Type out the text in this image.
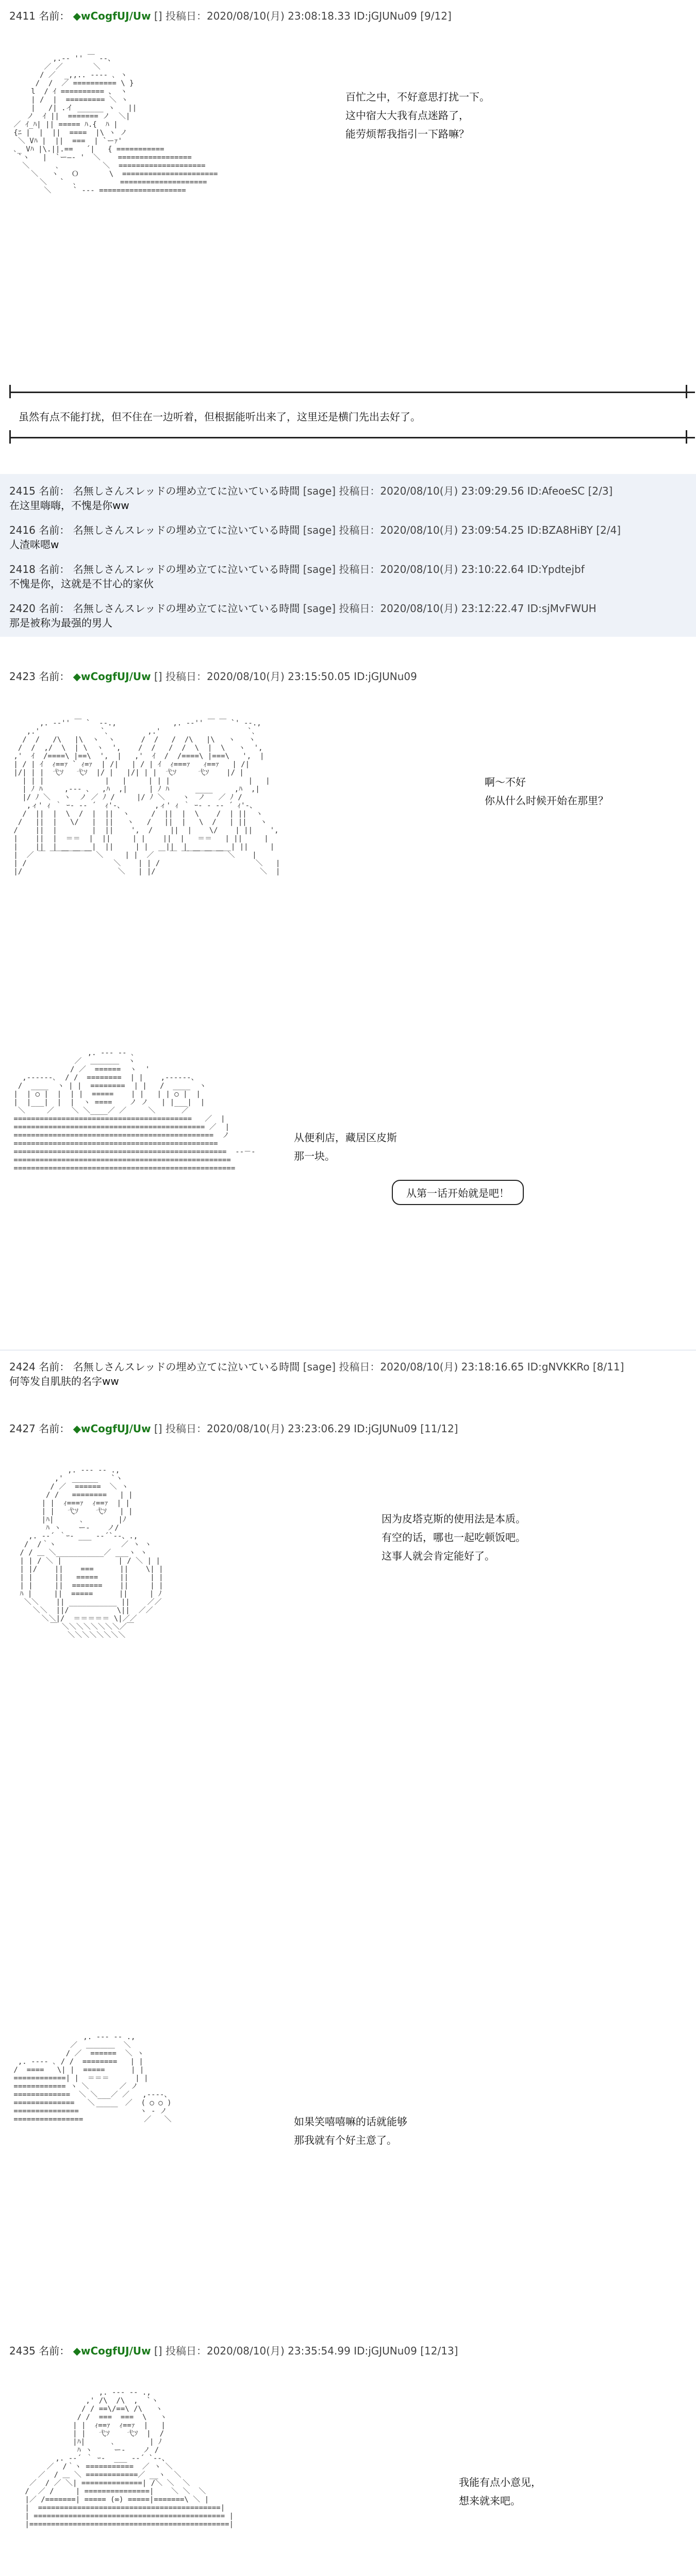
2411 名前： ◆wCogfUJ/Uw [] 投稿日：2020/08/10(月) 23:08:18.33 ID:jGJUNu09 [9/12]

,.-‐ '' ￣ ‐-、
／ ／       ＼
/ ／  _,,.. -‐‐- ､ ヽ
/  /  ／ ========== \ }
l  / ｲ ========== 、 ヽ
| /  |  ========= ＼ ヽ
|   /| .イ ______ ヽ   ||
ノ  ｲ ||  ======= ノ  ＼|
／ ｲ_ﾊ| || ===== ﾊ.{  ﾊ |
{ﾆ |  |  ||  ====  |\ ヽ ノ
＼ Vﾊ |  ||  ===  | `ーｧ'
､_ Vﾊ |\.||.==   ´|   { ===========
`ヽ   |  `ー―‐ '  ＼    =================
＼      ､          ＼  ====================
＼   ヽ   Ｏ       \  ======================
＼   `  ､          ====================
＼     ` ‐-- ====================

百忙之中，不好意思打扰一下。
这中宿大大我有点迷路了，
能劳烦帮我指引一下路嘛？
虽然有点不能打扰，但不住在一边听着，但根据能听出来了，这里还是横门先出去好了。
2415 名前： 名無しさんスレッドの埋め立てに泣いている時間 [sage] 投稿日：2020/08/10(月) 23:09:29.56 ID:AfeoeSC [2/3]
在这里嗨嗨，不愧是你ww
2416 名前： 名無しさんスレッドの埋め立てに泣いている時間 [sage] 投稿日：2020/08/10(月) 23:09:54.25 ID:BZA8HiBY [2/4]
人渣咪嗯w
2418 名前： 名無しさんスレッドの埋め立てに泣いている時間 [sage] 投稿日：2020/08/10(月) 23:10:22.64 ID:Ypdtejbf
不愧是你，这就是不甘心的家伙
2420 名前： 名無しさんスレッドの埋め立てに泣いている時間 [sage] 投稿日：2020/08/10(月) 23:12:22.47 ID:sjMvFWUH
那是被称为最强的男人
2423 名前： ◆wCogfUJ/Uw [] 投稿日：2020/08/10(月) 23:15:50.05 ID:jGJUNu09

,. -‐'' ￣ `  ‐-.,             ,. -‐'' ￣ ￣ `' ‐-.,
,.'              `､         ,.'                    `､
/  /   /\   |\  ヽ  ヽ      /  /   /  /\   |\   ヽ   ヽ
/  /  ,/  \  | \  ヽ  ',    /  /   /  /  \  |  \   ヽ  ',
,'  ｲ  /====\ |==\  ',  |   ,'  ｲ  /  /====\ |===\   ',  |
| / | ｲ  ｨ==ｧ ` ｨ=ｧ  | /|   | / | ｲ  ｨ===ｧ   ｨ==ｧ   | /|
|/| | |  弋ｿ   弋ｿ  |/ |   |/| | |  弋ｿ     弋ｿ    |/ |
| | |              |   |     | | |                  |   |
| ﾉ ﾊ     ,-‐- 、  ,ﾊ  ,|     | ﾉ ﾊ      ____     ,ﾊ  ,|
|/ ﾉ ＼   ヽ  ノ ／ ﾉ /     |/ ﾉ ＼    ヽ  ノ   ／ ﾉ /
,ィ' ｨ ｀ ｰ- -‐ ´  ｨ'‐、       ,ィ' ｨ ｀ ｰ- - -‐ ´ ｨ'‐、
/  ||  |  \  /  |  ||  ヽ     /  ||  |  \    /  | ||  ヽ
/   ||  |   \/   |  ||   ヽ   /   ||  |   \  /   | ||   ヽ
/    ||  |        |  ||    ',  /    ||  |    \/    | ||    ',
|    ||  |  ＝＝  |  ||     | |    ||  |   ＝＝   | ||     |
|    ||  |________|  ||     | |    ||  |__________| ||     |
|  ／ ￣ ￣ ￣ ￣ ￣ ＼     | |  ／ ￣ ￣ ￣ ￣ ￣ ￣ ＼    |
| /                    ＼    | | /                      ＼   |
|/                      ＼   | |/                        ＼  |

啊～不好
你从什么时候开始在那里？

,. -‐‐ ‐- ､
／  ＿＿＿＿  ヽ
/ ／  ======  ヽ  '
,--‐‐--､  / /  ========  | |    ,--‐‐--、
/  ____  ヽ | |  ========  | |   /  ____  ヽ
|  | ○ |  |  | |  =====    | |   | | ○ |  |
|  |___|  |  |  ヽ ====    ノ ノ   | |___|  |
＼     ／    ＼ ＼____／ ／     ＼      ／
=========================================   ／  |
============================================ ／  |
==============================================  ノ
===============================================
=================================================  ‐-－‐
==================================================
===================================================

从便利店，藏居区皮斯
那一块。
从第一话开始就是吧！
2424 名前： 名無しさんスレッドの埋め立てに泣いている時間 [sage] 投稿日：2020/08/10(月) 23:18:16.65 ID:gNVKKRo [8/11]
何等发自肌肤的名字ww
2427 名前： ◆wCogfUJ/Uw [] 投稿日：2020/08/10(月) 23:23:06.29 ID:jGJUNu09 [11/12]

,. -‐‐ ‐- .,
,'  ______   `ヽ
/ ／  ======  ＼ ヽ
/ /   ========   | |
| |  ｨ===ｧ  ｨ==ｧ  | |
| |   弋ｿ    弋ｿ   | |
|ﾊ|      ､        |ﾉ
ﾊ ヽ    ー‐    ノ/
,. -‐´ ｀ｰ- ___ -‐´`‐-、.,
/  /｀ヽ               ／ ヽ ヽ
/ / ＿ ＼___________／ ___ヽ ヽ
| | / ＼ |             | / ＼ | |
| |/    ||    ===      ||    \| |
| |     ||   =====     ||     | |
| |     ||  =======    ||     | |
ﾊ |     ||  =====      ||     | ﾉ
＼＼    || ___________ ||    ／／
＼＼  ||/           \||  ／／
＼＼|/  ＝＝＝＝＝ \|／／
￣ ＼＼＼＼＼＼＼＼／￣
＼＼＼＼＼＼＼＼

因为皮塔克斯的使用法是本质。
有空的话，哪也一起吃顿饭吧。
这事人就会肯定能好了。

,. -‐‐ ‐- .,
／  ＿＿＿＿  ＼
/ ／  ======  ＼ ヽ
,. -‐-- ､ / /  ========   | |
/  ====   \| |  =====      | |
============| |  ＝＝＝      | |
============ ヽ ＼       ／ ノ
=============  ＼ ＼___／ ／   ,-‐‐-、
==============   ＼       ／  ( ○ ○ )
===============    ￣￣￣     ヽ ‐ ノ
================              ／   ＼	如果笑嘻嘻嘛的话就能够
那我就有个好主意了。
2435 名前： ◆wCogfUJ/Uw [] 投稿日：2020/08/10(月) 23:35:54.99 ID:jGJUNu09 [12/13]

,. -‐‐ ‐- .,
,' /\  /\  ,  `ヽ
/ / ==\/==\ /\   ヽ
/ /  ===  ===  \   ヽ
| |  ｨ==ｧ  ｨ==ｧ  |   |
| |   弋ｿ    弋ｿ  |  /
|ﾊ|      ､        | ﾉ
ﾊ ヽ     ー‐    ノ /
,. -‐´ ｀ ｰ-  ___ -‐´ `‐-、
／  /｀ヽ ===========  ／ ヽ ＼
／  / ＿ ＼ ============／ __ヽ  ＼
／  / ／ ＼| ==============| /＼ ＼  ＼
/  ／ /     | ===============|    ＼ ＼  ＼
|／ /=======| ===== (∞) =====|=======\ ＼ |
|  ==========================================|
| ============================================ |
|==============================================|

我能有点小意见，
想来就来吧。
